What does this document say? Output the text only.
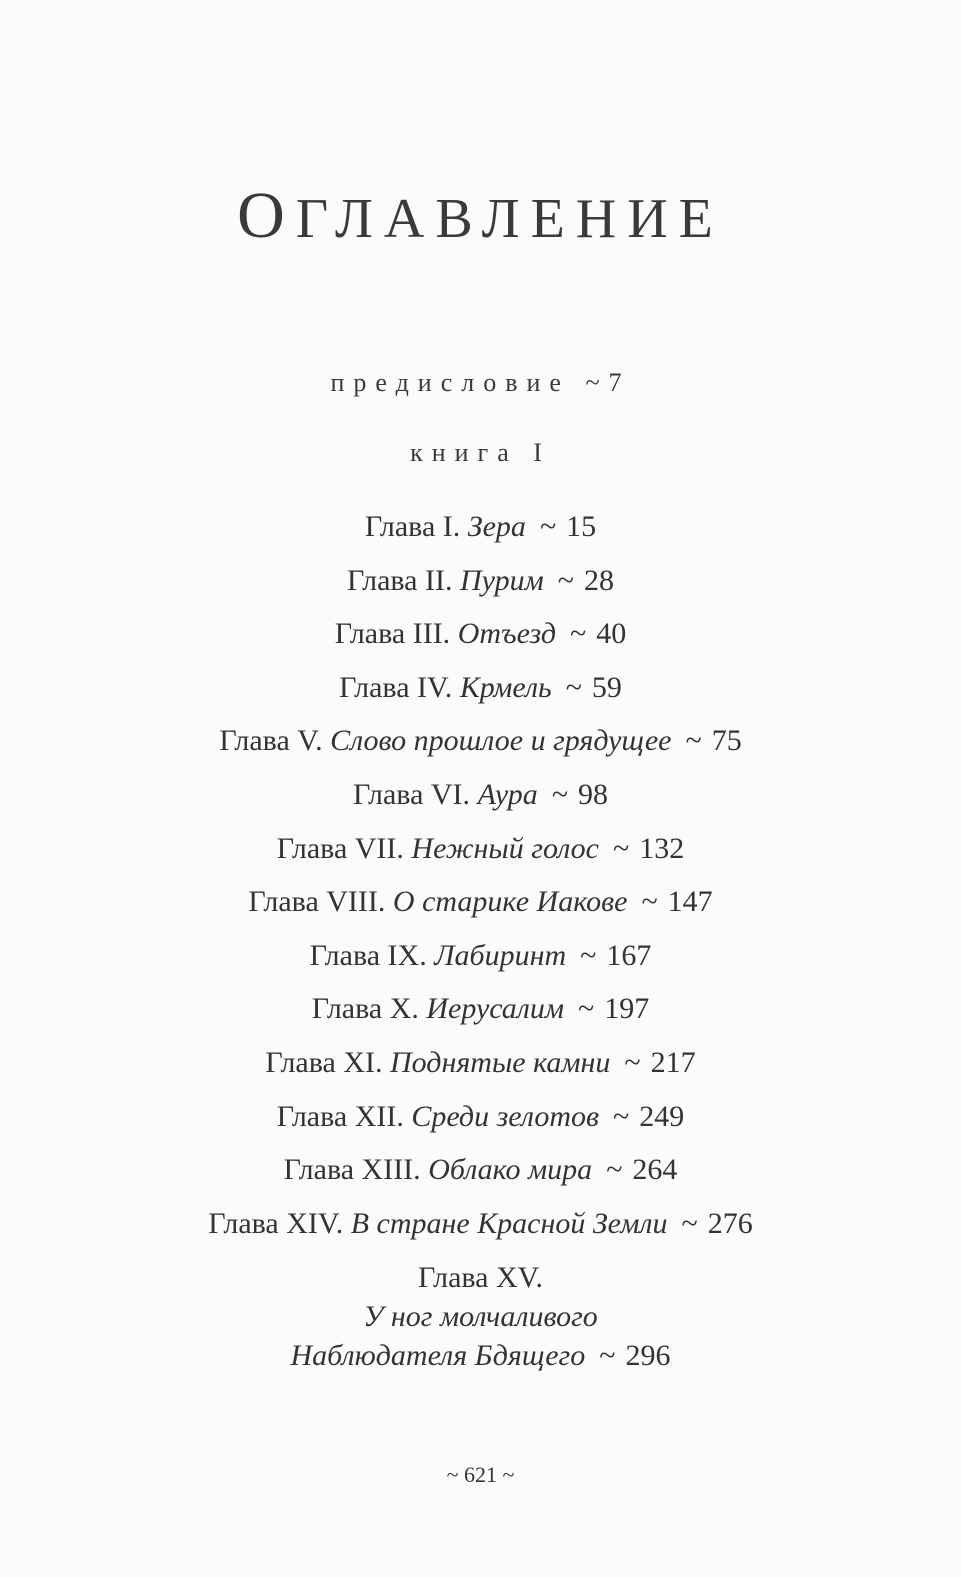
ОГЛАВЛЕНИЕ
предисловие ~7
книга I
Глава I. Зера ~ 15
Глава II. Пурим ~ 28
Глава III. Отъезд ~ 40
Глава IV. Крмель ~ 59
Глава V. Слово прошлое и грядущее ~ 75
Глава VI. Аура ~ 98
Глава VII. Нежный голос ~ 132
Глава VIII. О старике Иакове ~ 147
Глава IX. Лабиринт ~ 167
Глава X. Иерусалим ~ 197
Глава XI. Поднятые камни ~ 217
Глава XII. Среди зелотов ~ 249
Глава XIII. Облако мира ~ 264
Глава XIV. В стране Красной Земли ~ 276
Глава XV.
У ног молчаливого
Наблюдателя Бдящего ~ 296
~ 621 ~
